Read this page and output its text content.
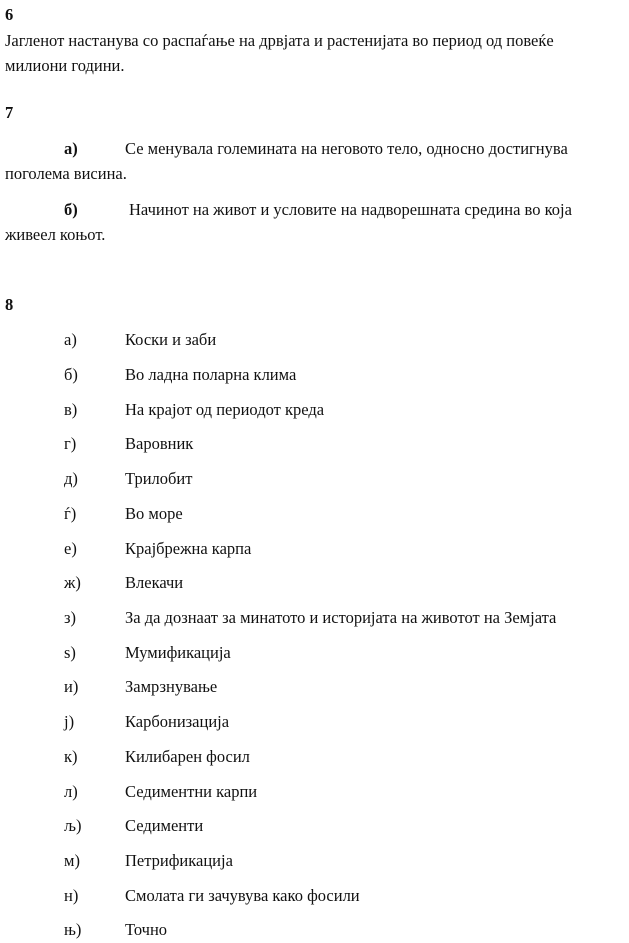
6
Јагленот настанува со распаѓање на дрвјата и растенијата во период од повеќе
милиони години.
7
а)	Се менувала големината на неговото тело, односно достигнува
поголема висина.
б)	Начинот на живот и условите на надворешната средина во која
живеел коњот.
8
а)	Коски и заби
б)	Во ладна поларна клима
в)	На крајот од периодот креда
г)	Варовник
д)	Трилобит
ѓ)	Во море
е)	Крајбрежна карпа
ж)	Влекачи
з)	За да дознаат за минатото и историјата на животот на Земјата
ѕ)	Мумификација
и)	Замрзнување
ј)	Карбонизација
к)	Килибарен фосил
л)	Седиментни карпи
љ)	Седименти
м)	Петрификација
н)	Смолата ги зачувува како фосили
њ)	Точно
